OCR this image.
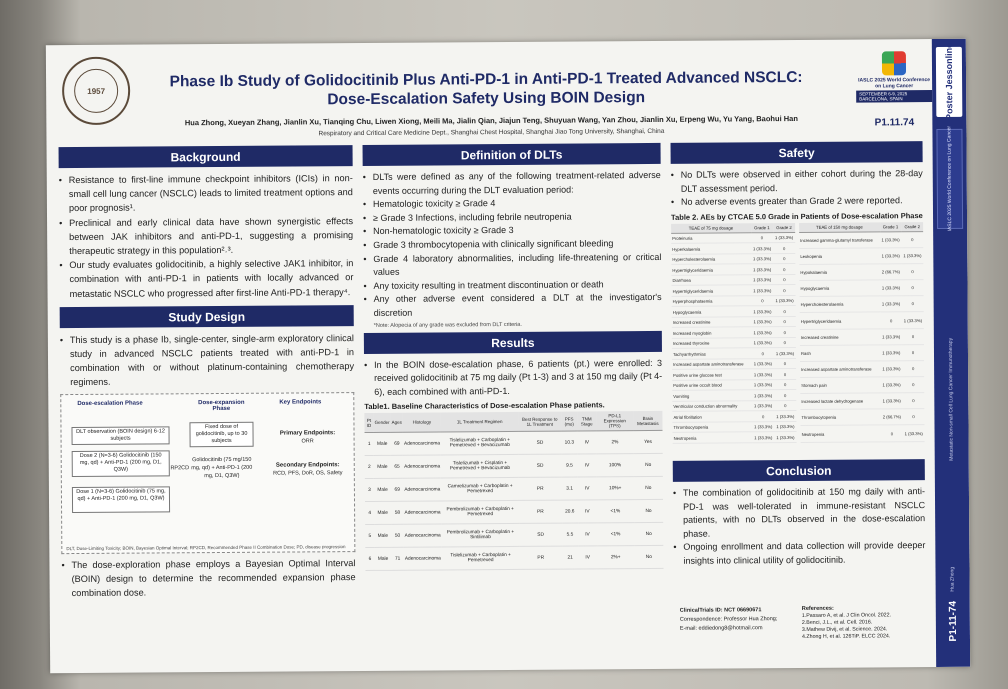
Poster Jessonline
IASLC 2025 World Conference on Lung Cancer
Metastatic Non-small Cell Lung Cancer Immunotherapy
Hua Zhong
P1-11-74
1957
Phase Ib Study of Golidocitinib Plus Anti-PD-1 in Anti-PD-1 Treated Advanced NSCLC:
Dose-Escalation Safety Using BOIN Design
Hua Zhong, Xueyan Zhang, Jianlin Xu, Tianqing Chu, Liwen Xiong, Meili Ma, Jialin Qian, Jiajun Teng, Shuyuan Wang, Yan Zhou, Jianlin Xu, Erpeng Wu, Yu Yang, Baohui Han
Respiratory and Critical Care Medicine Dept., Shanghai Chest Hospital, Shanghai Jiao Tong University, Shanghai, China
IASLC 2025 World Conference on Lung Cancer
SEPTEMBER 6-9, 2025 BARCELONA, SPAIN
P1.11.74
Background
• Resistance to first-line immune checkpoint inhibitors (ICIs) in non-small cell lung cancer (NSCLC) leads to limited treatment options and poor prognosis¹.
• Preclinical and early clinical data have shown synergistic effects between JAK inhibitors and anti-PD-1, suggesting a promising therapeutic strategy in this population²˒³.
• Our study evaluates golidocitinib, a highly selective JAK1 inhibitor, in combination with anti-PD-1 in patients with locally advanced or metastatic NSCLC who progressed after first-line Anti-PD-1 therapy⁴.
Study Design
• This study is a phase Ib, single-center, single-arm exploratory clinical study in advanced NSCLC patients treated with anti-PD-1 in combination with or without platinum-containing chemotherapy regimens.
Dose-escalation Phase	Dose-expansion Phase
Key Endpoints
DLT observation (BOIN design) 6-12 subjects
Dose 2 (N=3-6) Golidocitinib (150 mg, qd) + Anti-PD-1 (200 mg, D1, Q3W)
Dose 1 (N=3-6) Golidocitinib (75 mg, qd) + Anti-PD-1 (200 mg, D1, Q3W)
RP2CD
Fixed dose of golidocitinib, up to 30 subjects
Golidocitinib (75 mg/150 mg, qd) + Anti-PD-1 (200 mg, D1, Q3W)
Primary Endpoints:
ORR
Secondary Endpoints:
RCD, PFS, DoR, OS, Safety
DLT, Dose-Limiting Toxicity; BOIN, Bayesian Optimal Interval; RP2CD, Recommended Phase II Combination Dose; PD, disease progression
• The dose-exploration phase employs a Bayesian Optimal Interval (BOIN) design to determine the recommended expansion phase combination dose.
Definition of DLTs
• DLTs were defined as any of the following treatment-related adverse events occurring during the DLT evaluation period:
• Hematologic toxicity ≥ Grade 4
• ≥ Grade 3 Infections, including febrile neutropenia
• Non-hematologic toxicity ≥ Grade 3
• Grade 3 thrombocytopenia with clinically significant bleeding
• Grade 4 laboratory abnormalities, including life-threatening or critical values
• Any toxicity resulting in treatment discontinuation or death
• Any other adverse event considered a DLT at the investigator's discretion
*Note: Alopecia of any grade was excluded from DLT criteria.
Results
• In the BOIN dose-escalation phase, 6 patients (pt.) were enrolled: 3 received golidocitinib at 75 mg daily (Pt 1-3) and 3 at 150 mg daily (Pt 4-6), each combined with anti-PD-1.
Table1. Baseline Characteristics of Dose-escalation Phase patients.
Pt ID	Gender	Ages	Histology	1L Treatment Regimen	Best Response to 1L Treatment	PFS (mo)	TNM Stage	PD-L1 Expression (TPS)	Brain Metastasis
1	Male	69	Adenocarcinoma	Tislelizumab + Carboplatin + Pemetrexed + Bevacizumab	SD	10.3	IV	2%	Yes
2	Male	65	Adenocarcinoma	Tislelizumab + Cisplatin + Pemetrexed + Bevacizumab	SD	9.5	IV	100%	No
3	Male	69	Adenocarcinoma	Camrelizumab + Carboplatin + Pemetrexed	PR	3.1	IV	10%+	No
4	Male	58	Adenocarcinoma	Pembrolizumab + Carboplatin + Pemetrexed	PR	20.6	IV	<1%	No
5	Male	50	Adenocarcinoma	Pembrolizumab + Carboplatin + Sintilimab	SD	5.5	IV	<1%	No
6	Male	71	Adenocarcinoma	Tislelizumab + Carboplatin + Pemetrexed	PR	21	IV	2%+	No
Safety
• No DLTs were observed in either cohort during the 28-day DLT assessment period.
• No adverse events greater than Grade 2 were reported.
Table 2. AEs by CTCAE 5.0 Grade in Patients of Dose-escalation Phase
TEAE of 75 mg dosage	Grade 1	Grade 2
Proteinuria	0	1 (33.3%)
Hyperkalaemia	1 (33.3%)	0
Hypercholesterolaemia	1 (33.3%)	0
Hypertriglyceridaemia	1 (33.3%)	0
Diarrhoea	1 (33.3%)	0
Hypertriglyceridaemia	1 (33.3%)	0
Hyperphosphataemia	0	1 (33.3%)
Hypoglycaemia	1 (33.3%)	0
Increased creatinine	1 (33.3%)	0
Increased myoglobin	1 (33.3%)	0
Increased thyroxine	1 (33.3%)	0
Tachyarrhythmias	0	1 (33.3%)
Increased aspartate aminotransferase	1 (33.3%)	0
Positive urine glucose test	1 (33.3%)	0
Positive urine occult blood	1 (33.3%)	0
Vomiting	1 (33.3%)	0
Ventricular conduction abnormality	1 (33.3%)	0
Atrial fibrillation	0	1 (33.3%)
Thrombocytopenia	1 (33.3%)	1 (33.3%)
Neutropenia	1 (33.3%)	1 (33.3%)
TEAE of 150 mg dosage	Grade 1	Grade 2
Increased gamma-glutamyl transferase	1 (33.3%)	0
Leukopenia	1 (33.3%)	1 (33.3%)
Hypokalaemia	2 (66.7%)	0
Hypoglycaemia	1 (33.3%)	0
Hypercholesterolaemia	1 (33.3%)	0
Hypertriglyceridaemia	0	1 (33.3%)
Increased creatinine	1 (33.3%)	0
Rash	1 (33.3%)	0
Increased aspartate aminotransferase	1 (33.3%)	0
Stomach pain	1 (33.3%)	0
Increased lactate dehydrogenase	1 (33.3%)	0
Thrombocytopenia	2 (66.7%)	0
Neutropenia	0	1 (33.3%)
Conclusion
• The combination of golidocitinib at 150 mg daily with anti-PD-1 was well-tolerated in immune-resistant NSCLC patients, with no DLTs observed in the dose-escalation phase.
• Ongoing enrollment and data collection will provide deeper insights into clinical utility of golidocitinib.
ClinicalTrials ID: NCT 06690671
Correspondence: Professor Hua Zhong;
E-mail: eddiedong8@hotmail.com
References:
1.Passaro A, et al. J Clin Oncol. 2022.
2.Benci, J.L., et al. Cell. 2016.
3.Mathew Divij, et al. Science. 2024.
4.Zhong H, et al. 126TiP. ELCC 2024.
